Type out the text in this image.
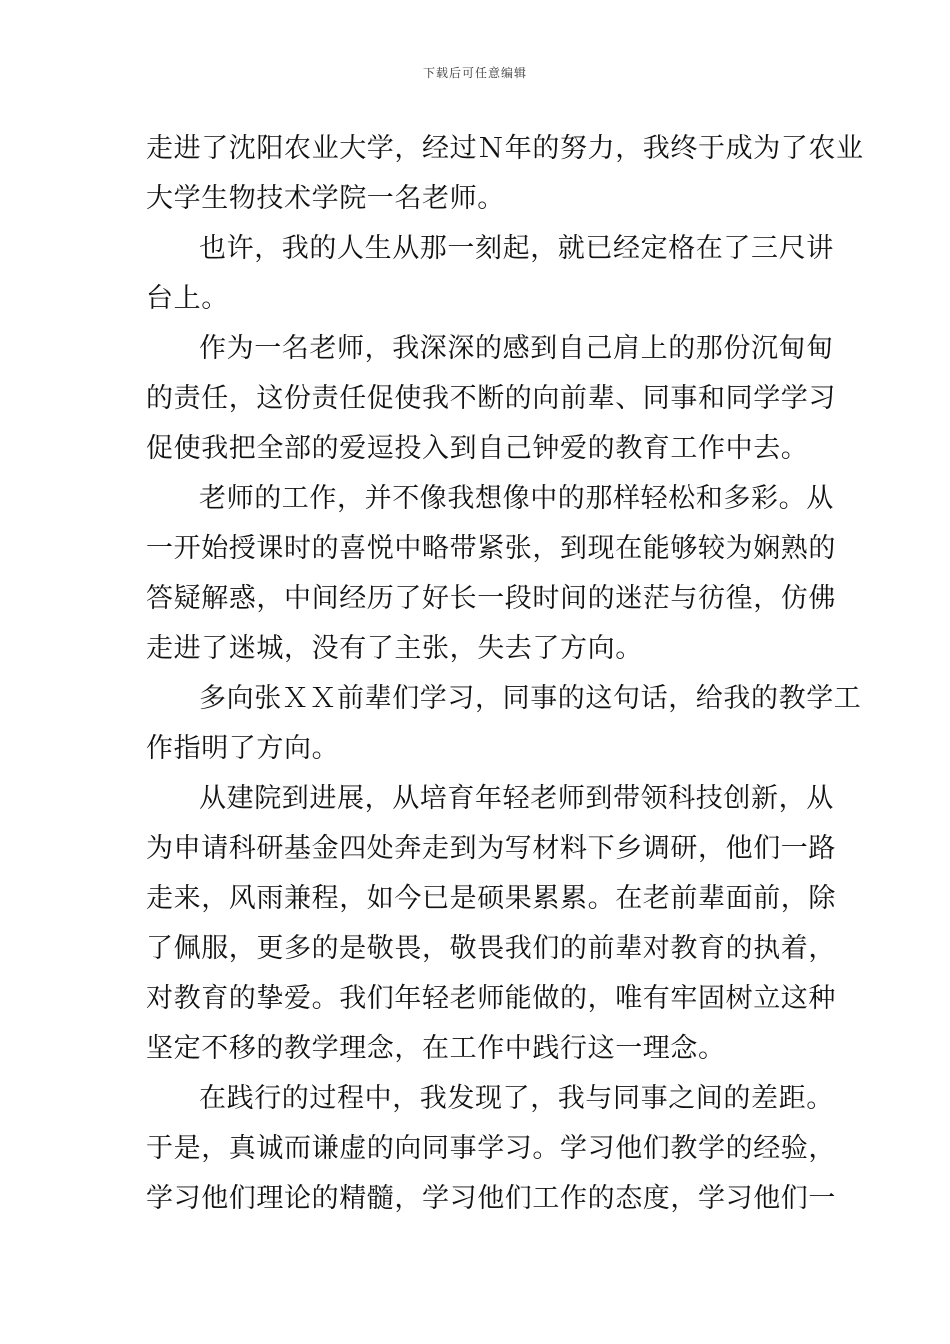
下载后可任意编辑
走进了沈阳农业大学，经过Ｎ年的努力，我终于成为了农业
大学生物技术学院一名老师。
也许，我的人生从那一刻起，就已经定格在了三尺讲
台上。
作为一名老师，我深深的感到自己肩上的那份沉甸甸
的责任，这份责任促使我不断的向前辈、同事和同学学习
促使我把全部的爱逗投入到自己钟爱的教育工作中去。
老师的工作，并不像我想像中的那样轻松和多彩。从
一开始授课时的喜悦中略带紧张，到现在能够较为娴熟的
答疑解惑，中间经历了好长一段时间的迷茫与彷徨，仿佛
走进了迷城，没有了主张，失去了方向。
多向张ＸＸ前辈们学习，同事的这句话，给我的教学工
作指明了方向。
从建院到进展，从培育年轻老师到带领科技创新，从
为申请科研基金四处奔走到为写材料下乡调研，他们一路
走来，风雨兼程，如今已是硕果累累。在老前辈面前，除
了佩服，更多的是敬畏，敬畏我们的前辈对教育的执着，
对教育的挚爱。我们年轻老师能做的，唯有牢固树立这种
坚定不移的教学理念，在工作中践行这一理念。
在践行的过程中，我发现了，我与同事之间的差距。
于是，真诚而谦虚的向同事学习。学习他们教学的经验，
学习他们理论的精髓，学习他们工作的态度，学习他们一
